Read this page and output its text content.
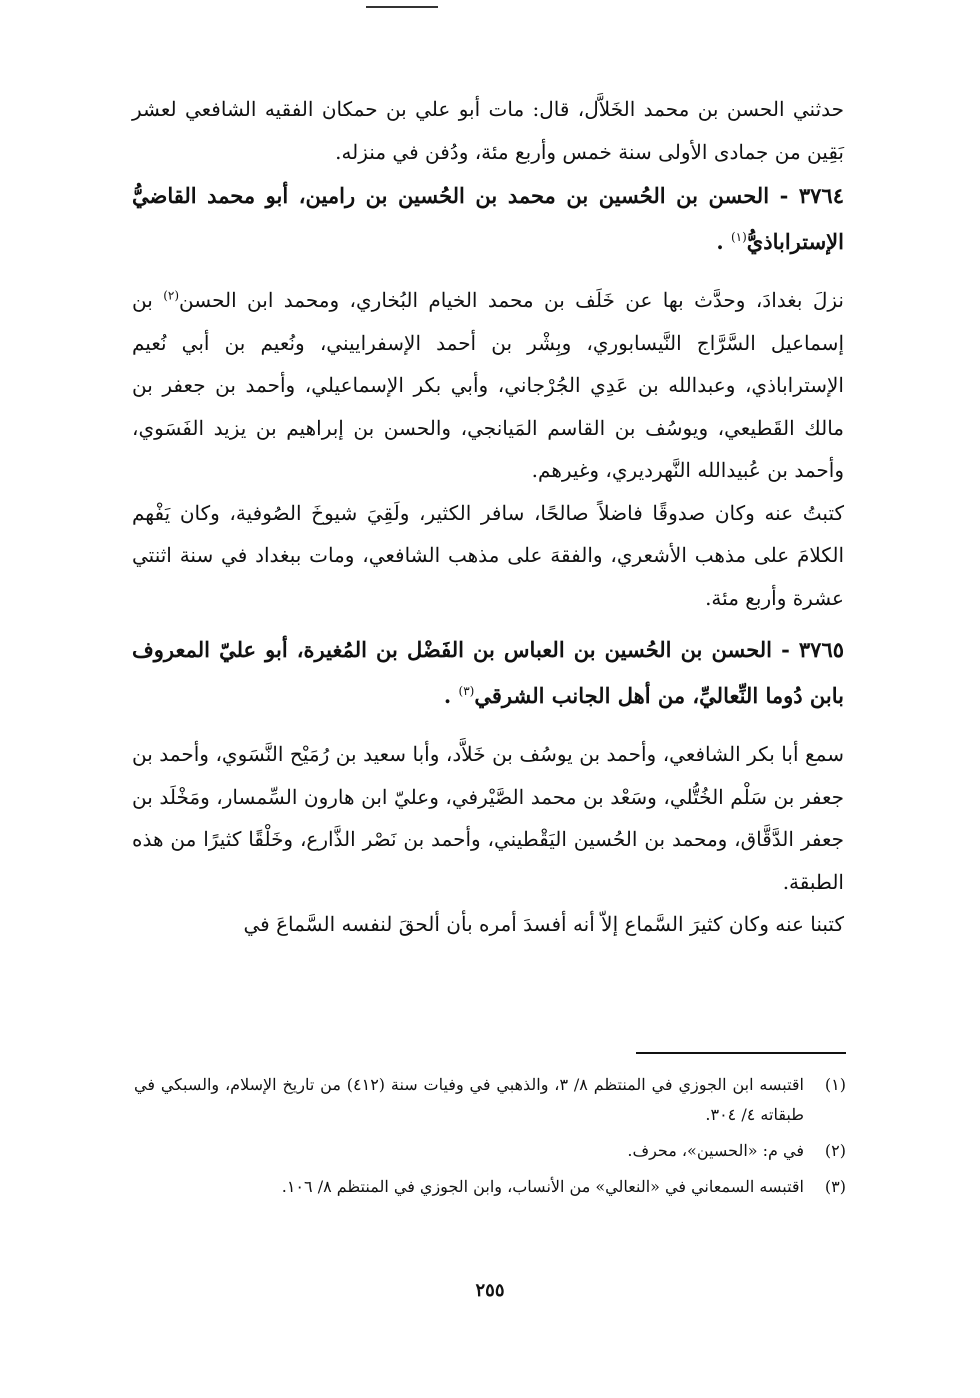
حدثني الحسن بن محمد الخَلاَّل، قال: مات أبو علي بن حمكان الفقيه الشافعي لعشر بَقِين من جمادى الأولى سنة خمس وأربع مئة، ودُفن في منزله.

٣٧٦٤ - الحسن بن الحُسين بن محمد بن الحُسين بن رامين، أبو محمد القاضيُّ الإستراباذيُّ$^{(١)}$ .

نزلَ بغدادَ، وحدَّث بها عن خَلَف بن محمد الخيام البُخاري، ومحمد ابن الحسن$^{(٢)}$ بن إسماعيل السَّرَّاج النَّيسابوري، وبِشْر بن أحمد الإسفراييني، ونُعيم بن أبي نُعيم الإستراباذي، وعبدالله بن عَدِي الجُرْجاني، وأبي بكر الإسماعيلي، وأحمد بن جعفر بن مالك القَطيعي، ويوسُف بن القاسم المَيانجي، والحسن بن إبراهيم بن يزيد الفَسَوي، وأحمد بن عُبيدالله النَّهرديري، وغيرهم.

كتبتُ عنه وكان صدوقًا فاضلاً صالحًا، سافر الكثير، ولَقِيَ شيوخَ الصُوفية، وكان يَفْهم الكلامَ على مذهب الأشعري، والفقهَ على مذهب الشافعي، ومات ببغداد في سنة اثنتي عشرة وأربع مئة.

٣٧٦٥ - الحسن بن الحُسين بن العباس بن الفَضْل بن المُغيرة، أبو عليّ المعروف بابن دُوما النِّعاليِّ، من أهل الجانب الشرقي$^{(٣)}$ .

سمع أبا بكر الشافعي، وأحمد بن يوسُف بن خَلاَّد، وأبا سعيد بن رُمَيْح النَّسَوي، وأحمد بن جعفر بن سَلْم الخُتُّلي، وسَعْد بن محمد الصَّيْرفي، وعليّ ابن هارون السِّمسار، ومَخْلَد بن جعفر الدَّقَّاق، ومحمد بن الحُسين اليَقْطيني، وأحمد بن نَصْر الذَّارع، وخَلْقًا كثيرًا من هذه الطبقة.

كتبنا عنه وكان كثيرَ السَّماع إلاّ أنه أفسدَ أمره بأن ألحقَ لنفسه السَّماعَ في

(١)
اقتبسه ابن الجوزي في المنتظم ٨/ ٣، والذهبي في وفيات سنة (٤١٢) من تاريخ الإسلام، والسبكي في طبقاته ٤/ ٣٠٤.
(٢)
في م: «الحسين»، محرف.
(٣)
اقتبسه السمعاني في «النعالي» من الأنساب، وابن الجوزي في المنتظم ٨/ ١٠٦.
٢٥٥
